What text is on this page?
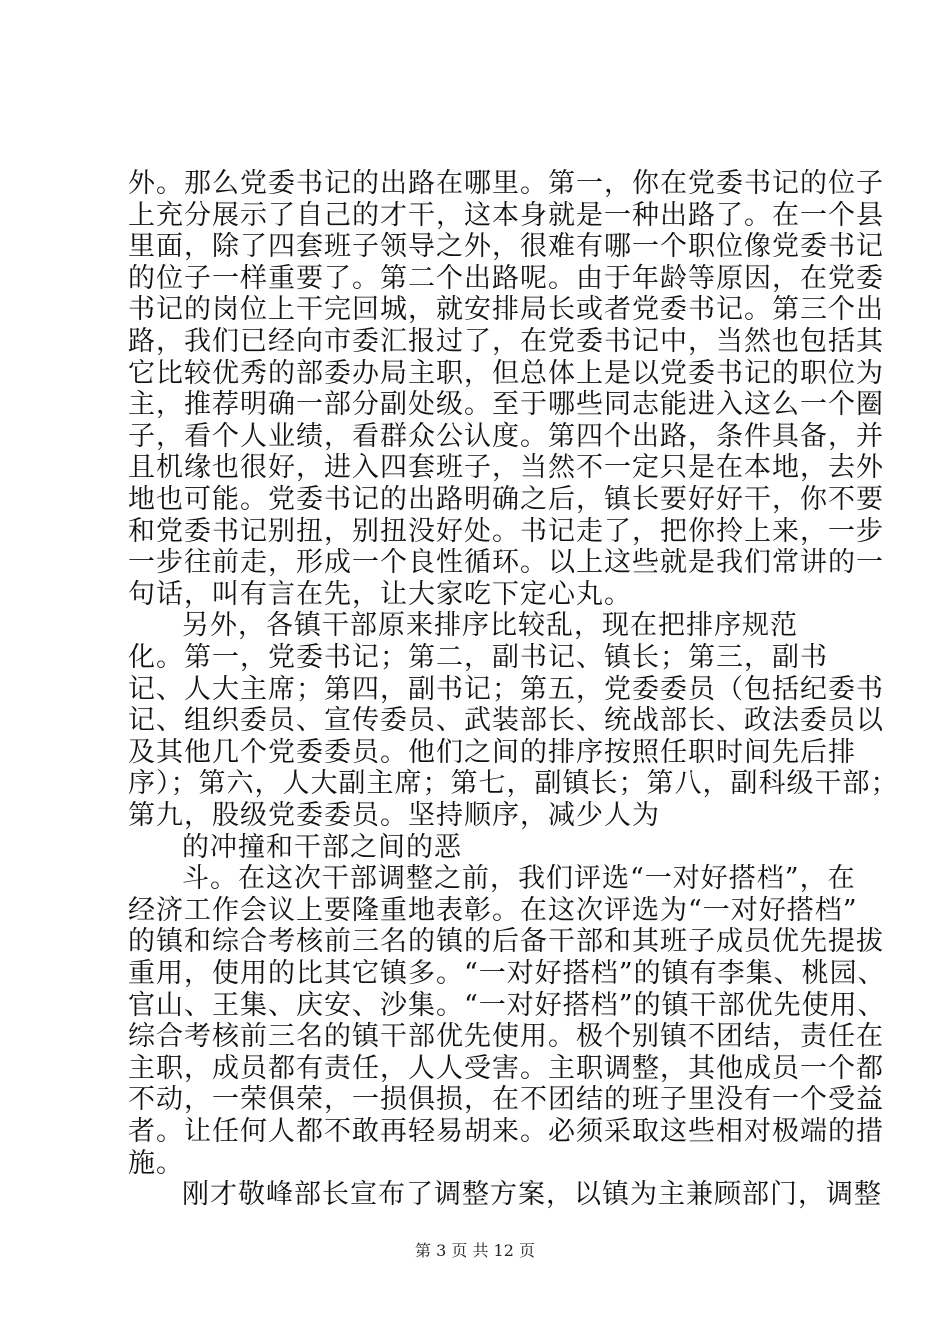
外。那么党委书记的出路在哪里。第一，你在党委书记的位子
上充分展示了自己的才干，这本身就是一种出路了。在一个县
里面，除了四套班子领导之外，很难有哪一个职位像党委书记
的位子一样重要了。第二个出路呢。由于年龄等原因，在党委
书记的岗位上干完回城，就安排局长或者党委书记。第三个出
路，我们已经向市委汇报过了，在党委书记中，当然也包括其
它比较优秀的部委办局主职，但总体上是以党委书记的职位为
主，推荐明确一部分副处级。至于哪些同志能进入这么一个圈
子，看个人业绩，看群众公认度。第四个出路，条件具备，并
且机缘也很好，进入四套班子，当然不一定只是在本地，去外
地也可能。党委书记的出路明确之后，镇长要好好干，你不要
和党委书记别扭，别扭没好处。书记走了，把你拎上来，一步
一步往前走，形成一个良性循环。以上这些就是我们常讲的一
句话，叫有言在先，让大家吃下定心丸。
另外，各镇干部原来排序比较乱，现在把排序规范
化。第一，党委书记；第二，副书记、镇长；第三，副书
记、人大主席；第四，副书记；第五，党委委员（包括纪委书
记、组织委员、宣传委员、武装部长、统战部长、政法委员以
及其他几个党委委员。他们之间的排序按照任职时间先后排
序）；第六，人大副主席；第七，副镇长；第八，副科级干部；
第九，股级党委委员。坚持顺序，减少人为
的冲撞和干部之间的恶
斗。在这次干部调整之前，我们评选“一对好搭档”，在
经济工作会议上要隆重地表彰。在这次评选为“一对好搭档”
的镇和综合考核前三名的镇的后备干部和其班子成员优先提拔
重用，使用的比其它镇多。“一对好搭档”的镇有李集、桃园、
官山、王集、庆安、沙集。“一对好搭档”的镇干部优先使用、
综合考核前三名的镇干部优先使用。极个别镇不团结，责任在
主职，成员都有责任，人人受害。主职调整，其他成员一个都
不动，一荣俱荣，一损俱损，在不团结的班子里没有一个受益
者。让任何人都不敢再轻易胡来。必须采取这些相对极端的措
施。
刚才敬峰部长宣布了调整方案，以镇为主兼顾部门，调整
第 3 页 共 12 页
